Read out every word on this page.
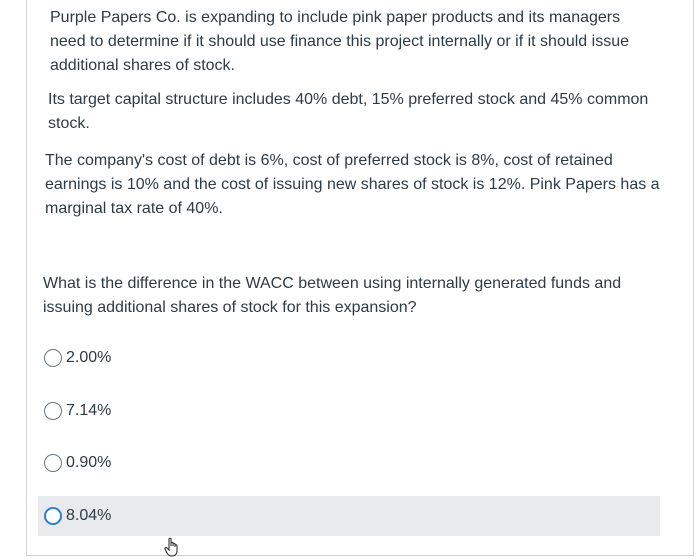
Purple Papers Co. is expanding to include pink paper products and its managers need to determine if it should use finance this project internally or if it should issue additional shares of stock.

Its target capital structure includes 40% debt, 15% preferred stock and 45% common stock.

The company's cost of debt is 6%, cost of preferred stock is 8%, cost of retained earnings is 10% and the cost of issuing new shares of stock is 12%. Pink Papers has a marginal tax rate of 40%.

What is the difference in the WACC between using internally generated funds and issuing additional shares of stock for this expansion?

2.00%
7.14%
0.90%
8.04%
